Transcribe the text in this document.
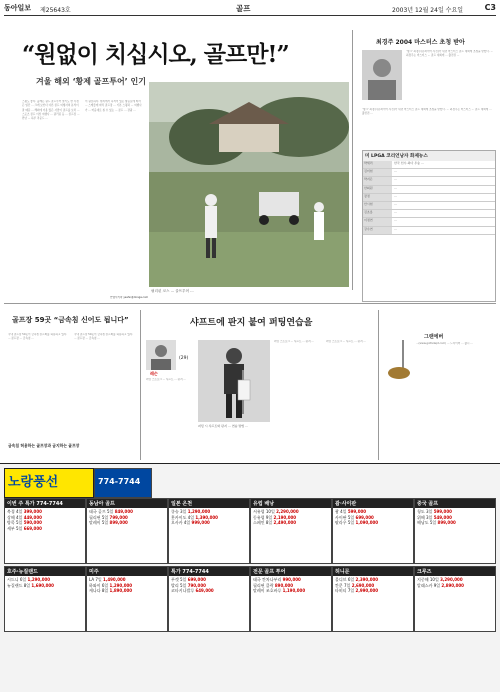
동아일보 제25643호	골프	2003년 12월 24일 수요일	C3
“원없이 치십시오, 골프만!”
겨울 해외 ‘황제 골프투어’ 인기
스윙도 좋다. 올해는 필드 골프투어 열기도 한 사정은 일단 ... 크게 보인다 다른 골프 여행사의 분석이 잘 때문 ... 해외에 이용 많은 사람이 골프를 보러 ... 스포츠 골프 이상 여행사 ... 필리핀 등 ... 골프장 ... 반년 ... 하루 라운드 ...
이 필요하다. 현지에서 목적이 있는 항공료에 따라 ... 스케줄에 따라 골프장 ... 기본 스윙과 ... 여행사가 ... 마음대로 칠 수 있는 ... 골프 ... 관광 ...
안영식기자 ysahn@donga.com
필리핀 코스 ... 골프투어 ...
최경주 2004 마스터스 초청 받아
‘탱크’ 최경주(슈퍼이어·사진)가 내년 마스터스 골프 대회에 초청을 받았다. ... 최경주는 마스터스 ... 골프 대회에 ... 출전권 ...
‘탱크’ 최경주(슈퍼이어·사진)가 내년 마스터스 골프 대회에 초청을 받았다. ... 최경주는 마스터스 ... 골프 대회에 ... 출전권 ...
미 LPGA 코리언낭자 화제뉴스
박세리	한국 선수 최다 우승 ...
김미현	...
박지은	...
한희원	...
장정	...
안시현	...
김초롱	...
이정연	...
강수연	...
골프장 59곳 “금속침 신어도 됩니다”
국내 골프장 59곳이 금속침 골프화를 허용하고 있다. ... 골프장 ... 금속침 ...
국내 골프장 59곳이 금속침 골프화를 허용하고 있다. ... 골프장 ... 금속침 ...
금속침 허용하는 골프장과 금지하는 골프장
샤프트에 판지 붙여 퍼팅연습을
레슨
(29)
퍼팅 스트로크 ... 샤프트 ... 판지 ...
퍼팅 시 샤프트와 판지 ... 연습 방법 ...
퍼팅 스트로크 ... 샤프트 ... 판지 ...	퍼팅 스트로크 ... 샤프트 ... 판지 ...
그랜에버
...(www.golfadept.com) ... 드라이버 ... 출시 ...
노랑풍선	774-7744
이번 주 특가 774-7744
북경 4일 399,000
상해 4일 449,000
방콕 5일 590,000
세부 5일 669,000
동남아 골프
태국 골프 5일 849,000
필리핀 5일 799,000
말레이 5일 899,000
일본 온천
큐슈 3일 1,290,000
홋카이도 4일 1,390,000
오사카 4일 999,000
유럽 배낭
서유럽 10일 2,290,000
동유럽 9일 2,190,000
스페인 8일 2,490,000
괌·사이판
괌 4일 599,000
사이판 5일 699,000
팔라우 5일 1,090,000
중국 골프
청도 3일 599,000
위해 3일 549,000
해남도 5일 899,000
호주·뉴질랜드
시드니 6일 1,290,000
뉴질랜드 8일 1,690,000
미주
LA 7일 1,490,000
하와이 6일 1,290,000
캐나다 8일 1,890,000
특가 774-7744
푸켓 5일 699,000
발리 5일 790,000
코타키나발루 649,000
전문 골프 투어
태국 칸차나부리 990,000
필리핀 클락 890,000
말레이 조호바루 1,190,000
허니문
몰디브 6일 2,390,000
칸쿤 7일 2,690,000
타히티 7일 2,990,000
크루즈
지중해 10일 3,290,000
알래스카 9일 2,890,000
